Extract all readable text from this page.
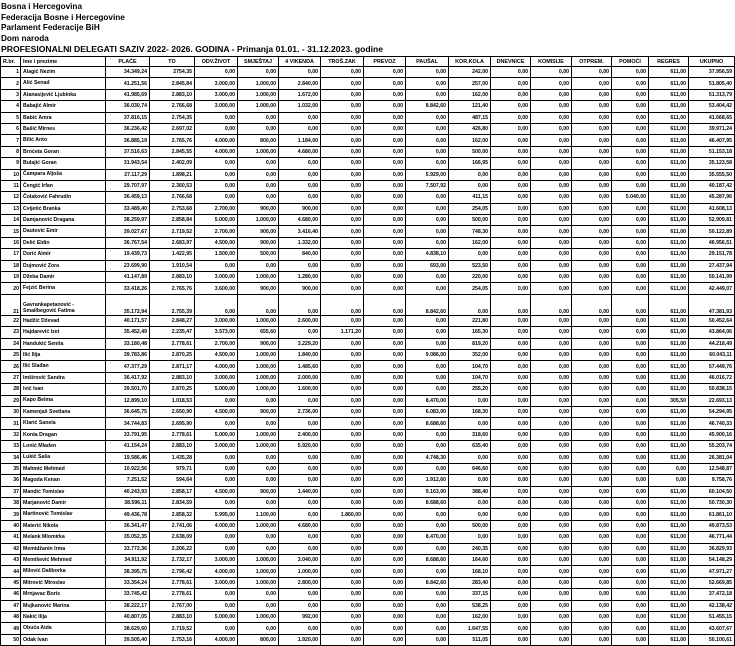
Bosna i Hercegovina
Federacija Bosne i Hercegovine
Parlament Federacije BiH
Dom naroda
PROFESIONALNI DELEGATI SAZIV 2022- 2026. GODINA - Primanja 01.01. - 31.12.2023. godine
R.br.	Ime i prezime	PLAĆE	TO	ODV.ŽIVOT	SMJEŠTAJ	4 VIKENDA	TROŠ.ZAK	PREVOZ	PAUŠAL	KOR.KOLA	DNEVNICE	KOMISIJE	OTPREM.	POMOĆI	REGRES	UKUPNO
1	Alagić Nezim	34.349,24	2754,35	0,00	0,00	0,00	0,00	0,00	0,00	242,00	0,00	0,00	0,00	0,00	611,00	37.956,59
2	Alić Senad	41.251,56	2.845,84	3.000,00	1.000,00	2.840,00	0,00	0,00	0,00	257,00	0,00	0,00	0,00	0,00	611,00	51.805,40
3	Atanasijević Ljubinka	41.985,69	2.883,10	3.000,00	1.000,00	1.672,00	0,00	0,00	0,00	162,00	0,00	0,00	0,00	0,00	611,00	51.313,79
4	Babajić Almir	36.030,74	2.766,68	3.000,00	1.000,00	1.032,00	0,00	0,00	8.842,60	121,40	0,00	0,00	0,00	0,00	611,00	53.404,42
5	Babić Amra	37.816,15	2.754,35	0,00	0,00	0,00	0,00	0,00	0,00	487,15	0,00	0,00	0,00	0,00	611,00	41.668,65
6	Bašić Mirnes	36.236,42	2.697,02	0,00	0,00	0,00	0,00	0,00	0,00	426,80	0,00	0,00	0,00	0,00	611,00	39.971,24
7	Bilić Anto	36.885,19	2.765,76	4.000,00	800,00	1.184,00	0,00	0,00	0,00	162,00	0,00	0,00	0,00	0,00	611,00	46.407,95
8	Broćeta Goran	37.516,63	2.845,55	4.000,00	1.000,00	4.680,00	0,00	0,00	0,00	500,00	0,00	0,00	0,00	0,00	611,00	51.153,18
9	Bulajić Goran	31.943,54	2.402,09	0,00	0,00	0,00	0,00	0,00	0,00	166,95	0,00	0,00	0,00	0,00	611,00	35.123,58
10	Čampara Aljoša	27.117,29	1.898,21	0,00	0,00	0,00	0,00	0,00	5.929,00	0,00	0,00	0,00	0,00	0,00	611,00	35.555,50
11	Čengić Irfan	29.707,97	2.360,53	0,00	0,00	0,00	0,00	0,00	7.507,92	0,00	0,00	0,00	0,00	0,00	611,00	40.187,42
12	Čolaković Fahrudin	36.459,13	2.766,68	0,00	0,00	0,00	0,00	0,00	0,00	411,15	0,00	0,00	0,00	5.040,00	611,00	45.287,96
13	Cvijetić Branka	33.489,40	2.753,68	2.700,00	900,00	900,00	0,00	0,00	0,00	254,05	0,00	0,00	0,00	0,00	611,00	41.608,13
14	Damjanović Dragana	38.259,97	2.858,84	5.000,00	1.000,00	4.680,00	0,00	0,00	0,00	500,00	0,00	0,00	0,00	0,00	611,00	52.909,81
15	Dautović Emir	39.027,67	2.719,52	2.700,00	900,00	3.416,40	0,00	0,00	0,00	748,30	0,00	0,00	0,00	0,00	611,00	50.122,89
16	Delić Eldin	36.767,54	2.683,97	4.500,00	900,00	1.332,00	0,00	0,00	0,00	162,00	0,00	0,00	0,00	0,00	611,00	46.956,51
17	Dorić Almir	19.439,73	1.422,95	1.500,00	500,00	840,00	0,00	0,00	4.838,10	0,00	0,00	0,00	0,00	0,00	611,00	29.151,78
18	Dujmović Zora	23.699,90	1.910,54	0,00	0,00	0,00	0,00	0,00	693,00	523,50	0,00	0,00	0,00	0,00	611,00	27.437,94
19	Džeba Damir	41.147,89	2.883,10	3.000,00	1.000,00	1.280,00	0,00	0,00	0,00	220,00	0,00	0,00	0,00	0,00	611,00	50.141,99
20	Fejzić Berina	33.418,26	2.765,76	3.600,00	900,00	900,00	0,00	0,00	0,00	254,05	0,00	0,00	0,00	0,00	611,00	42.449,07
21	Gavrankapetanović - Smailbegović Fatima	35.172,94	2.755,39	0,00	0,00	0,00	0,00	0,00	8.842,60	0,00	0,00	0,00	0,00	0,00	611,00	47.381,93
22	Hadžić Dževad	40.171,57	2.848,27	3.000,00	1.000,00	2.600,00	0,00	0,00	0,00	221,80	0,00	0,00	0,00	0,00	611,00	50.452,64
23	Hajdarević Izet	35.452,49	2.235,47	3.573,00	655,60	0,00	1.171,20	0,00	0,00	165,30	0,00	0,00	0,00	0,00	611,00	43.864,06
24	Handukić Senita	33.180,48	2.778,61	2.700,00	900,00	3.229,20	0,00	0,00	0,00	819,20	0,00	0,00	0,00	0,00	611,00	44.218,49
25	Ilić Ilija	39.783,86	2.870,25	4.500,00	1.000,00	1.840,00	0,00	0,00	9.086,00	352,00	0,00	0,00	0,00	0,00	611,00	60.043,11
26	Ilić Slađan	47.377,29	2.871,17	4.000,00	1.000,00	1.485,60	0,00	0,00	0,00	104,70	0,00	0,00	0,00	0,00	611,00	57.449,76
27	Imširović Sandra	36.417,92	2.883,10	3.000,00	1.000,00	2.000,00	0,00	0,00	0,00	104,70	0,00	0,00	0,00	0,00	611,00	46.016,72
28	Ivić Ivan	39.501,70	2.870,25	5.000,00	1.000,00	1.600,00	0,00	0,00	0,00	255,20	0,00	0,00	0,00	0,00	611,00	50.838,15
29	Kapo Belma	12.899,10	1.018,53	0,00	0,00	0,00	0,00	0,00	8.470,00	0,00	0,00	0,00	0,00	0,00	305,50	22.693,13
30	Kamenjaš Svetlana	36.645,75	2.650,90	4.500,00	900,00	2.736,00	0,00	0,00	6.083,00	168,30	0,00	0,00	0,00	0,00	611,00	54.294,95
31	Klarić Sanela	34.744,83	2.695,90	0,00	0,00	0,00	0,00	0,00	8.688,60	0,00	0,00	0,00	0,00	0,00	611,00	46.740,33
32	Konta Dragan	33.791,95	2.778,61	5.000,00	1.000,00	2.400,00	0,00	0,00	0,00	318,60	0,00	0,00	0,00	0,00	611,00	45.900,16
33	Lonić Mladen	41.154,24	2.883,10	3.000,00	1.000,00	5.920,00	0,00	0,00	0,00	635,40	0,00	0,00	0,00	0,00	611,00	55.203,74
34	Lukić Saša	19.586,46	1.435,28	0,00	0,00	0,00	0,00	0,00	4.748,30	0,00	0,00	0,00	0,00	0,00	611,00	26.381,04
35	Mahmić Mehmed	10.922,56	979,71	0,00	0,00	0,00	0,00	0,00	0,00	646,60	0,00	0,00	0,00	0,00	0,00	12.548,87
36	Magoda Kenan	7.251,52	594,64	0,00	0,00	0,00	0,00	0,00	1.912,60	0,00	0,00	0,00	0,00	0,00	0,00	9.758,76
37	Mandić Tomislav	40.243,93	2.858,17	4.500,00	900,00	1.440,00	0,00	0,00	9.163,00	388,40	0,00	0,00	0,00	0,00	611,00	60.104,50
38	Marjanović Damir	38.596,11	2.834,59	0,00	0,00	0,00	0,00	0,00	8.688,60	0,00	0,00	0,00	0,00	0,00	611,00	50.730,30
39	Martinović Tomislav	49.436,78	2.858,32	5.995,00	1.100,00	0,00	1.860,00	0,00	0,00	0,00	0,00	0,00	0,00	0,00	611,00	61.861,10
40	Materić Nikola	36.341,47	2.741,06	4.000,00	1.000,00	4.680,00	0,00	0,00	0,00	500,00	0,00	0,00	0,00	0,00	611,00	49.873,53
41	Melank Mlomirka	35.052,35	2.638,09	0,00	0,00	0,00	0,00	0,00	8.470,00	0,00	0,00	0,00	0,00	0,00	611,00	46.771,44
42	Memidžanin Irma	33.772,36	2.206,22	0,00	0,00	0,00	0,00	0,00	0,00	240,35	0,00	0,00	0,00	0,00	611,00	36.829,93
43	Memišević Mehmed	34.911,92	2.732,17	3.000,00	1.000,00	3.040,00	0,00	0,00	8.688,60	164,60	0,00	0,00	0,00	0,00	611,00	54.148,29
44	Milović Daliborka	38.395,75	2.796,42	4.000,00	1.000,00	1.000,00	0,00	0,00	0,00	168,10	0,00	0,00	0,00	0,00	611,00	47.971,27
45	Mitrović Miroslav	33.354,24	2.778,61	3.000,00	1.000,00	2.800,00	0,00	0,00	8.842,60	283,40	0,00	0,00	0,00	0,00	611,00	52.669,85
46	Mrnjavac Boris	33.745,42	2.778,61	0,00	0,00	0,00	0,00	0,00	0,00	337,15	0,00	0,00	0,00	0,00	611,00	37.472,18
47	Mujkanović Marina	38.222,17	2.767,00	0,00	0,00	0,00	0,00	0,00	0,00	538,25	0,00	0,00	0,00	0,00	611,00	42.138,42
48	Nakić Ilija	40.807,05	2.883,10	5.000,00	1.000,00	992,00	0,00	0,00	0,00	162,00	0,00	0,00	0,00	0,00	611,00	51.455,15
49	Obuća Aida	38.629,60	2.719,52	0,00	0,00	0,00	0,00	0,00	0,00	1.647,55	0,00	0,00	0,00	0,00	611,00	43.607,67
50	Odak Ivan	39.505,40	2.753,16	4.000,00	800,00	1.920,00	0,00	0,00	0,00	511,05	0,00	0,00	0,00	0,00	611,00	50.100,61
